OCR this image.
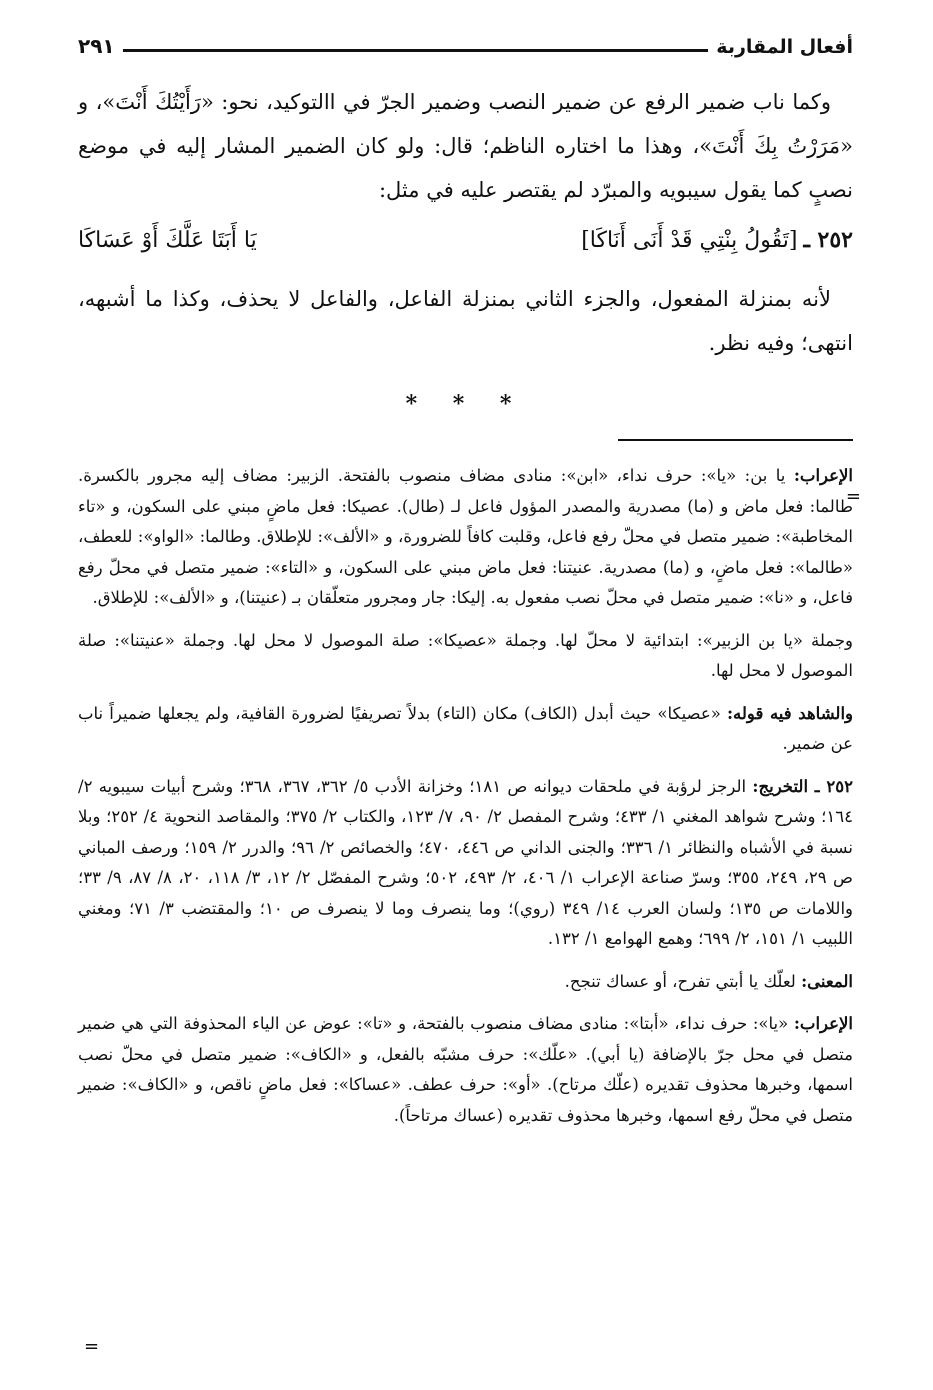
أفعال المقاربة
٢٩١

وكما ناب ضمير الرفع عن ضمير النصب وضمير الجرّ في االتوكيد، نحو: «رَأَيْتُكَ أَنْتَ»، و «مَرَرْتُ بِكَ أَنْتَ»، وهذا ما اختاره الناظم؛ قال: ولو كان الضمير المشار إليه في موضع نصبٍ كما يقول سيبويه والمبرّد لم يقتصر عليه في مثل:

٢٥٢ ـ
[تَقُولُ بِنْتِي قَدْ أَنَى أَنَاكَا]
يَا أَبَتَا عَلَّكَ أَوْ عَسَاكَا

لأنه بمنزلة المفعول، والجزء الثاني بمنزلة الفاعل، والفاعل لا يحذف، وكذا ما أشبهه، انتهى؛ وفيه نظر.

* * *

الإعراب: يا بن: «يا»: حرف نداء، «ابن»: منادى مضاف منصوب بالفتحة. الزبير: مضاف إليه مجرور بالكسرة. طالما: فعل ماض و (ما) مصدرية والمصدر المؤول فاعل لـ (طال). عصيكا: فعل ماضٍ مبني على السكون، و «تاء المخاطبة»: ضمير متصل في محلّ رفع فاعل، وقلبت كافاً للضرورة، و «الألف»: للإطلاق. وطالما: «الواو»: للعطف، «طالما»: فعل ماضٍ، و (ما) مصدرية. عنيتنا: فعل ماض مبني على السكون، و «التاء»: ضمير متصل في محلّ رفع فاعل، و «نا»: ضمير متصل في محلّ نصب مفعول به. إليكا: جار ومجرور متعلّقان بـ (عنيتنا)، و «الألف»: للإطلاق.

وجملة «يا بن الزبير»: ابتدائية لا محلّ لها. وجملة «عصيكا»: صلة الموصول لا محل لها. وجملة «عنيتنا»: صلة الموصول لا محل لها.

والشاهد فيه قوله: «عصيكا» حيث أبدل (الكاف) مكان (التاء) بدلاً تصريفيًا لضرورة القافية، ولم يجعلها ضميراً ناب عن ضمير.

٢٥٢ ـ التخريج: الرجز لرؤبة في ملحقات ديوانه ص ١٨١؛ وخزانة الأدب ٥/ ٣٦٢، ٣٦٧، ٣٦٨؛ وشرح أبيات سيبويه ٢/ ١٦٤؛ وشرح شواهد المغني ١/ ٤٣٣؛ وشرح المفصل ٢/ ٩٠، ٧/ ١٢٣، والكتاب ٢/ ٣٧٥؛ والمقاصد النحوية ٤/ ٢٥٢؛ وبلا نسبة في الأشباه والنظائر ١/ ٣٣٦؛ والجنى الداني ص ٤٤٦، ٤٧٠؛ والخصائص ٢/ ٩٦؛ والدرر ٢/ ١٥٩؛ ورصف المباني ص ٢٩، ٢٤٩، ٣٥٥؛ وسرّ صناعة الإعراب ١/ ٤٠٦، ٢/ ٤٩٣، ٥٠٢؛ وشرح المفصّل ٢/ ١٢، ٣/ ١١٨، ٢٠، ٨/ ٨٧، ٩/ ٣٣؛ واللامات ص ١٣٥؛ ولسان العرب ١٤/ ٣٤٩ (روي)؛ وما ينصرف وما لا ينصرف ص ١٠؛ والمقتضب ٣/ ٧١؛ ومغني اللبيب ١/ ١٥١، ٢/ ٦٩٩؛ وهمع الهوامع ١/ ١٣٢.

المعنى: لعلّك يا أبتي تفرح، أو عساك تنجح.

الإعراب: «يا»: حرف نداء، «أبتا»: منادى مضاف منصوب بالفتحة، و «تا»: عوض عن الياء المحذوفة التي هي ضمير متصل في محل جرّ بالإضافة (يا أبي). «علّك»: حرف مشبّه بالفعل، و «الكاف»: ضمير متصل في محلّ نصب اسمها، وخبرها محذوف تقديره (علّك مرتاح). «أو»: حرف عطف. «عساكا»: فعل ماضٍ ناقص، و «الكاف»: ضمير متصل في محلّ رفع اسمها، وخبرها محذوف تقديره (عساك مرتاحاً).

=
=
